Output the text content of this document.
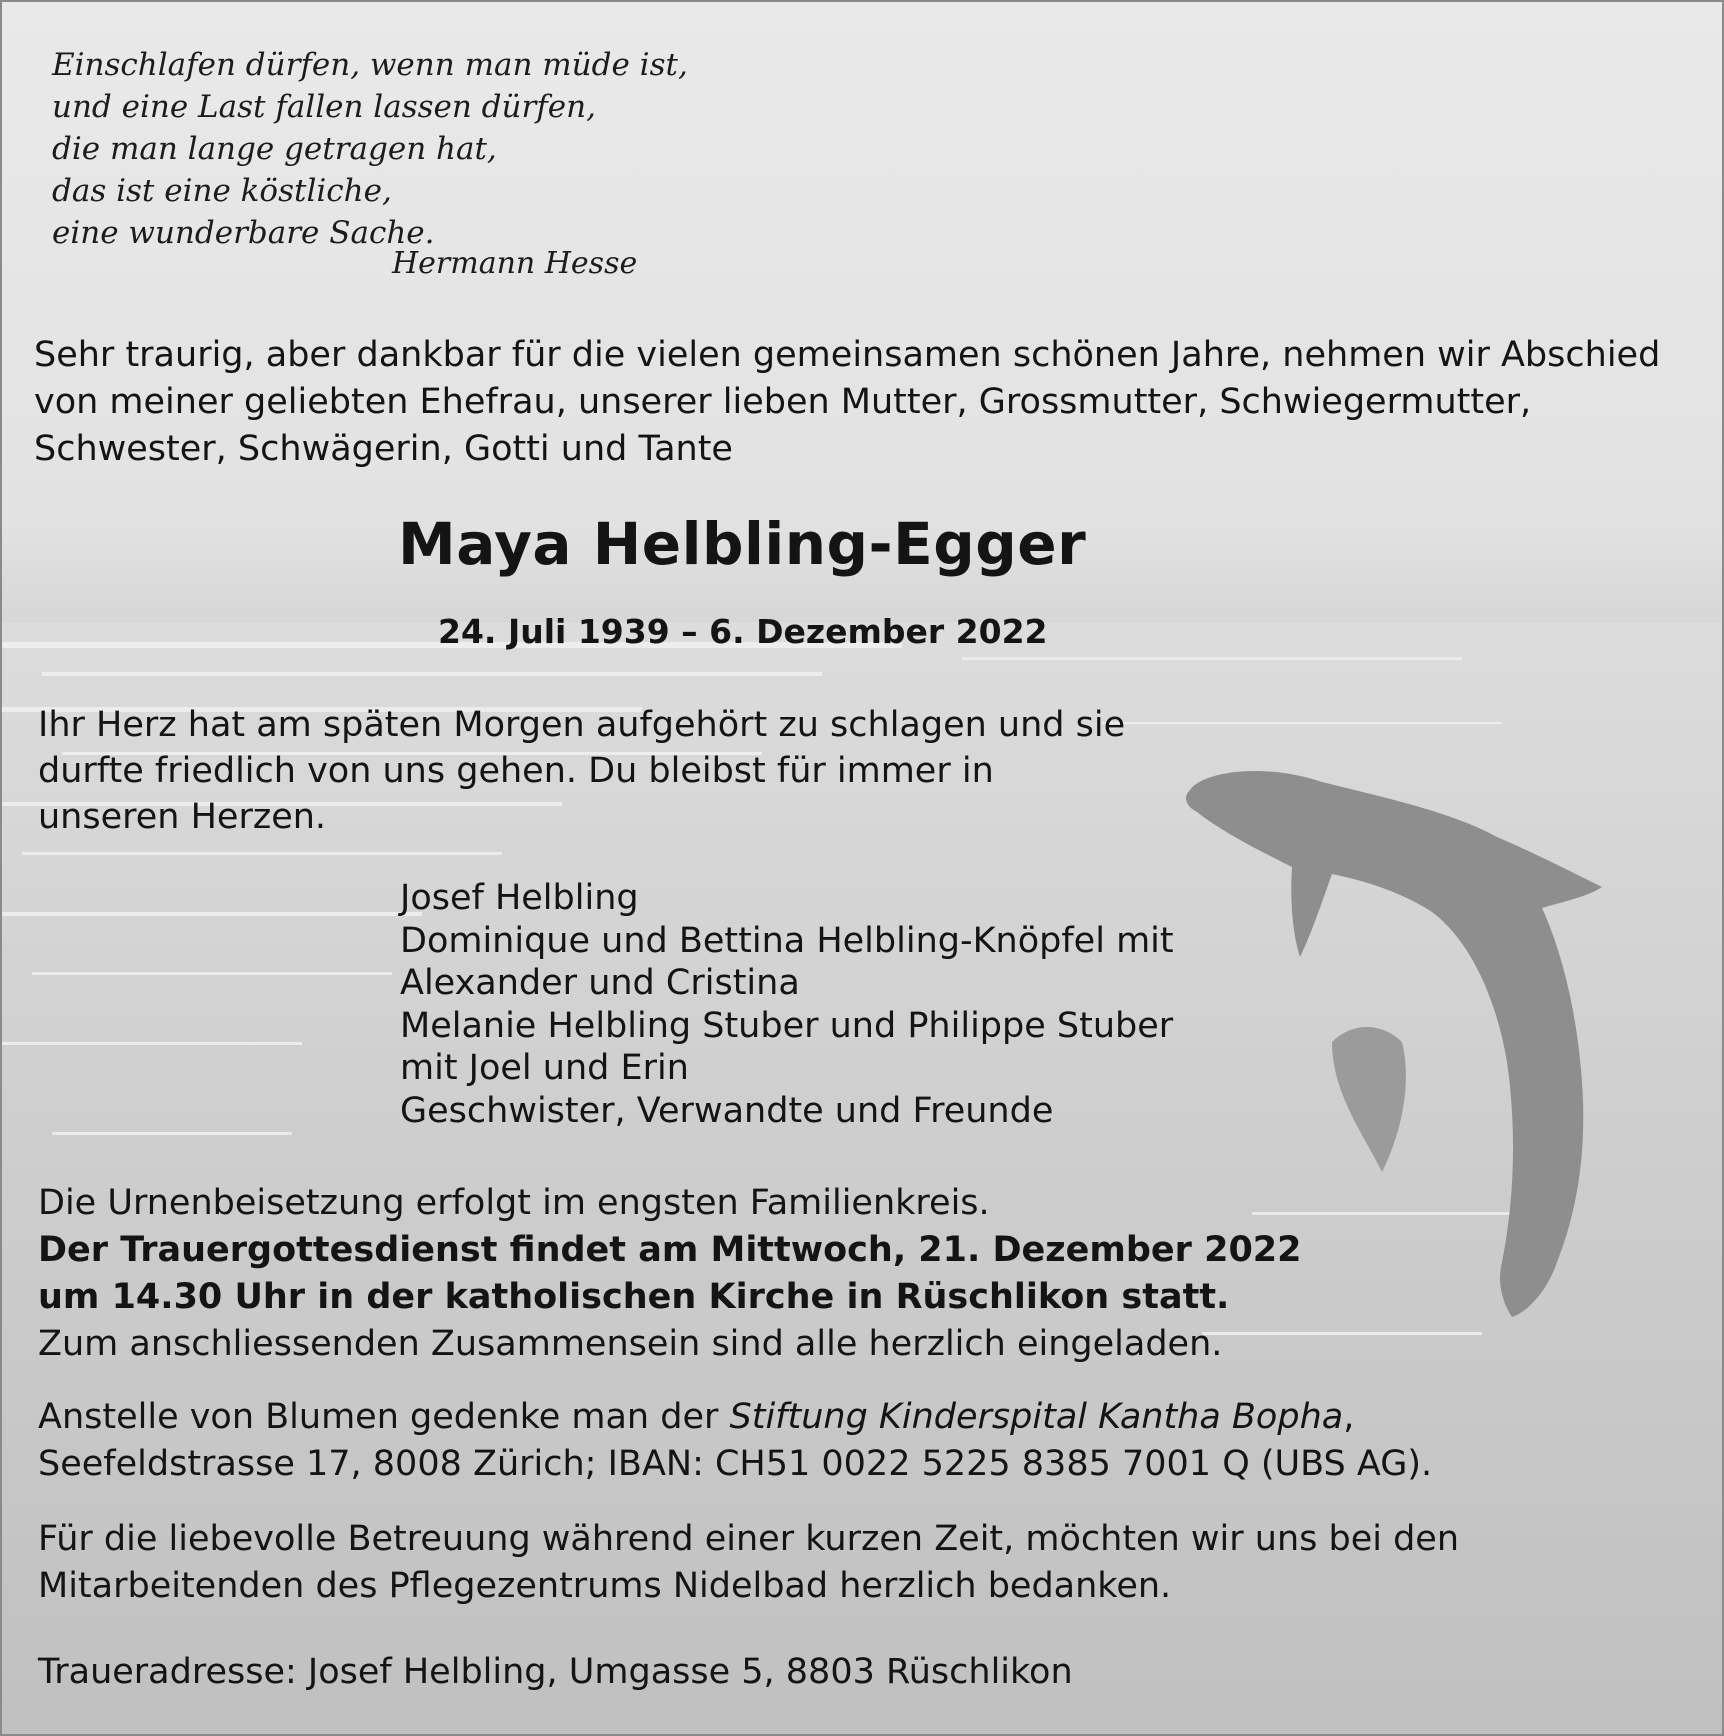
Einschlafen dürfen, wenn man müde ist,
und eine Last fallen lassen dürfen,
die man lange getragen hat,
das ist eine köstliche,
eine wunderbare Sache.
Hermann Hesse
Sehr traurig, aber dankbar für die vielen gemeinsamen schönen Jahre, nehmen wir Abschied
von meiner geliebten Ehefrau, unserer lieben Mutter, Grossmutter, Schwiegermutter,
Schwester, Schwägerin, Gotti und Tante
Maya Helbling-Egger
24. Juli 1939 – 6. Dezember 2022
Ihr Herz hat am späten Morgen aufgehört zu schlagen und sie
durfte friedlich von uns gehen. Du bleibst für immer in
unseren Herzen.
Josef Helbling
Dominique und Bettina Helbling-Knöpfel mit
Alexander und Cristina
Melanie Helbling Stuber und Philippe Stuber
mit Joel und Erin
Geschwister, Verwandte und Freunde
Die Urnenbeisetzung erfolgt im engsten Familienkreis.
Der Trauergottesdienst findet am Mittwoch, 21. Dezember 2022
um 14.30 Uhr in der katholischen Kirche in Rüschlikon statt.
Zum anschliessenden Zusammensein sind alle herzlich eingeladen.
Anstelle von Blumen gedenke man der Stiftung Kinderspital Kantha Bopha,
Seefeldstrasse 17, 8008 Zürich; IBAN: CH51 0022 5225 8385 7001 Q (UBS AG).
Für die liebevolle Betreuung während einer kurzen Zeit, möchten wir uns bei den
Mitarbeitenden des Pflegezentrums Nidelbad herzlich bedanken.
Traueradresse: Josef Helbling, Umgasse 5, 8803 Rüschlikon
